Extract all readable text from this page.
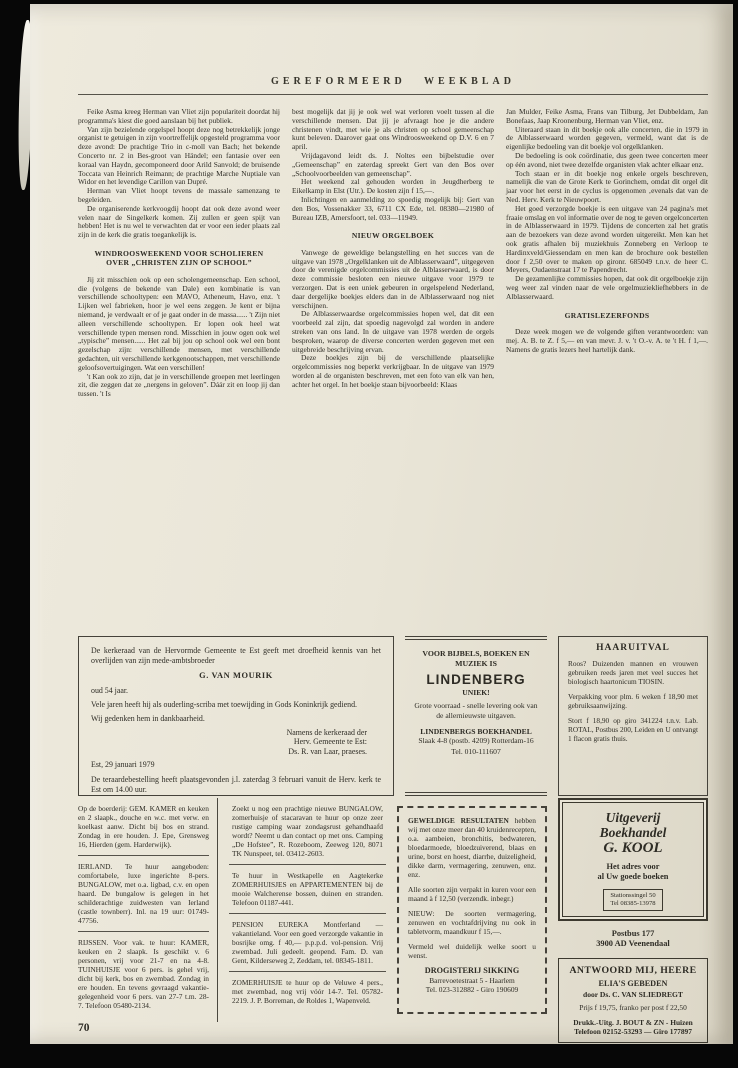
GEREFORMEERD WEEKBLAD

Feike Asma kreeg Herman van Vliet zijn populariteit doordat hij programma's kiest die goed aanslaan bij het publiek.

Van zijn bezielende orgelspel hoopt deze nog betrekkelijk jonge organist te getuigen in zijn voortreffelijk opgesteld programma voor deze avond: De prachtige Trio in c-moll van Bach; het bekende Concerto nr. 2 in Bes-groot van Händel; een fantasie over een koraal van Haydn, gecomponeerd door Arild Sanvold; de bruisende Toccata van Heinrich Reimann; de prachtige Marche Nuptiale van Widor en het levendige Carillon van Dupré.

Herman van Vliet hoopt tevens de massale samenzang te begeleiden.

De organiserende kerkvoogdij hoopt dat ook deze avond weer velen naar de Singelkerk komen. Zij zullen er geen spijt van hebben! Het is nu wel te verwachten dat er voor een ieder plaats zal zijn in de kerk die gratis toegankelijk is.

WINDROOSWEEKEND VOOR SCHOLIEREN OVER „CHRISTEN ZIJN OP SCHOOL”

Jij zit misschien ook op een scholengemeenschap. Een school, die (volgens de bekende van Dale) een kombinatie is van verschillende schooltypen: een MAVO, Atheneum, Havo, enz. 't Lijken wel fabrieken, hoor je wel eens zeggen. Je kent er bijna niemand, je verdwaalt er of je gaat onder in de massa...... 't Zijn niet alleen verschillende schooltypen. Er lopen ook heel wat verschillende typen mensen rond. Misschien in jouw ogen ook wel „typische” mensen...... Het zal bij jou op school ook wel een bont gezelschap zijn: verschillende mensen, met verschillende gedachten, uit verschillende kerkgenootschappen, met verschillende geloofsovertuigingen. Wat een verschillen!

't Kan ook zo zijn, dat je in verschillende groepen met leerlingen zit, die zeggen dat ze „nergens in geloven”. Dáár zit en loop jij dan tussen. 't Is

best mogelijk dat jij je ook wel wat verloren voelt tussen al die verschillende mensen. Dat jij je afvraagt hoe je die andere christenen vindt, met wie je als christen op school gemeenschap kunt beleven. Daarover gaat ons Windroosweekend op D.V. 6 en 7 april.

Vrijdagavond leidt ds. J. Noltes een bijbelstudie over „Gemeenschap” en zaterdag spreekt Gert van den Bos over „Schoolvoorbeelden van gemeenschap”.

Het weekend zal gehouden worden in Jeugdherberg te Eikelkamp in Elst (Utr.). De kosten zijn f 15,—.

Inlichtingen en aanmelding zo spoedig mogelijk bij: Gert van den Bos, Vossenakker 33, 6711 CX Ede, tel. 08380—21980 of Bureau IZB, Amersfoort, tel. 033—11949.

NIEUW ORGELBOEK

Vanwege de geweldige belangstelling en het succes van de uitgave van 1978 „Orgelklanken uit de Alblasserwaard”, uitgegeven door de verenigde orgelcommissies uit de Alblasserwaard, is door deze commissie besloten een nieuwe uitgave voor 1979 te verzorgen. Dat is een uniek gebeuren in orgelspelend Nederland, daar dergelijke boekjes elders dan in de Alblasserwaard nog niet verschijnen.

De Alblasserwaardse orgelcommissies hopen wel, dat dit een voorbeeld zal zijn, dat spoedig nagevolgd zal worden in andere streken van ons land. In de uitgave van 1978 werden de orgels besproken, waarop de diverse concerten werden gegeven met een uitgebreide beschrijving ervan.

Deze boekjes zijn bij de verschillende plaatselijke orgelcommissies nog beperkt verkrijgbaar. In de uitgave van 1979 worden al de organisten beschreven, met een foto van elk van hen, achter het orgel. In het boekje staan bijvoorbeeld: Klaas

Jan Mulder, Feike Asma, Frans van Tilburg, Jet Dubbeldam, Jan Bonefaas, Jaap Kroonenburg, Herman van Vliet, enz.

Uiteraard staan in dit boekje ook alle concerten, die in 1979 in de Alblasserwaard worden gegeven, vermeld, want dat is de eigenlijke bedoeling van dit boekje vol orgelklanken.

De bedoeling is ook coördinatie, dus geen twee concerten meer op één avond, niet twee dezelfde organisten vlak achter elkaar enz.

Toch staan er in dit boekje nog enkele orgels beschreven, namelijk die van de Grote Kerk te Gorinchem, omdat dit orgel dit jaar voor het eerst in de cyclus is opgenomen ‚evenals dat van de Ned. Herv. Kerk te Nieuwpoort.

Het goed verzorgde boekje is een uitgave van 24 pagina's met fraaie omslag en vol informatie over de nog te geven orgelconcerten in de Alblasserwaard in 1979. Tijdens de concerten zal het gratis aan de bezoekers van deze avond worden uitgereikt. Men kan het ook gratis afhalen bij muziekhuis Zonneberg en Verloop te Hardinxveld/Giessendam en men kan de brochure ook bestellen door f 2,50 over te maken op gironr. 685049 t.n.v. de heer C. Meyers, Oudaenstraat 17 te Papendrecht.

De gezamenlijke commissies hopen, dat ook dit orgelboekje zijn weg weer zal vinden naar de vele orgelmuziekliefhebbers in de Alblasserwaard.

GRATISLEZERFONDS

Deze week mogen we de volgende giften verantwoorden: van mej. A. B. te Z. f 5,— en van mevr. J. v. 't O.-v. A. te 't H. f 1,—. Namens de gratis lezers heel hartelijk dank.

De kerkeraad van de Hervormde Gemeente te Est geeft met droefheid kennis van het overlijden van zijn mede-ambtsbroeder

G. VAN MOURIK

oud 54 jaar.

Vele jaren heeft hij als ouderling-scriba met toewijding in Gods Koninkrijk gediend.

Wij gedenken hem in dankbaarheid.

Namens de kerkeraad der
Herv. Gemeente te Est:
Ds. R. van Laar, praeses.

Est, 29 januari 1979

De teraardebestelling heeft plaatsgevonden j.l. zaterdag 3 februari vanuit de Herv. kerk te Est om 14.00 uur.

VOOR BIJBELS, BOEKEN EN MUZIEK IS
LINDENBERG
UNIEK!
Grote voorraad - snelle levering ook van de allernieuwste uitgaven.
LINDENBERGS BOEKHANDEL
Slaak 4-8 (postb. 4209) Rotterdam-16
Tel. 010-111607
HAARUITVAL

Roos? Duizenden mannen en vrouwen gebruiken reeds jaren met veel succes het biologisch haartonicum TIOSIN.

Verpakking voor plm. 6 weken f 18,90 met gebruiksaanwijzing.

Stort f 18,90 op giro 341224 t.n.v. Lab. ROTAL, Postbus 200, Leiden en U ontvangt 1 flacon gratis thuis.

Op de boerderij: GEM. KAMER en keuken en 2 slaapk., douche en w.c. met verw. en koelkast aanw. Dicht bij bos en strand. Zondag in ere houden. J. Epe, Grensweg 16, Hierden (gem. Harderwijk).
IERLAND. Te huur aangeboden: comfortabele, luxe ingerichte 8-pers. BUNGALOW, met o.a. ligbad, c.v. en open haard. De bungalow is gelegen in het schilderachtige zuidwesten van Ierland (castle townberr). Inl. na 19 uur: 01749-47756.
RIJSSEN. Voor vak. te huur: KAMER, keuken en 2 slaapk. Is geschikt v. 6 personen, vrij voor 21-7 en na 4-8. TUINHUISJE voor 6 pers. is gehel vrij, dicht bij kerk, bos en zwembad. Zondag in ere houden. En tevens gevraagd vakantie-gelegenheid voor 6 pers. van 27-7 t.m. 28-7. Telefoon 05480-2134.
Zoekt u nog een prachtige nieuwe BUNGALOW, zomerhuisje of stacaravan te huur op onze zeer rustige camping waar zondagsrust gehandhaafd wordt? Neemt u dan contact op met ons. Camping „De Hofstee”, R. Rozeboom, Zeeweg 120, 8071 TK Nunspeet, tel. 03412-2603.
Te huur in Westkapelle en Aagtekerke ZOMERHUISJES en APPARTEMENTEN bij de mooie Walcherense bossen, duinen en stranden. Telefoon 01187-441.
PENSION EUREKA Montferland — vakantieland. Voor een goed verzorgde vakantie in bosrijke omg. f 40,— p.p.p.d. vol-pension. Vrij zwembad. Juli gedeelt. geopend. Fam. D. van Gent, Kilderseweg 2, Zeddam, tel. 08345-1811.
ZOMERHUISJE te huur op de Veluwe 4 pers., met zwembad, nog vrij vóór 14-7. Tel. 05782-2219. J. P. Borreman, de Roldes 1, Wapenveld.

GEWELDIGE RESULTATEN hebben wij met onze meer dan 40 kruidenrecepten, o.a. aambeien, bronchitis, bedwateren, bloedarmoede, bloedzuiverend, blaas en urine, borst en hoest, diarrhe, duizeligheid, dikke darm, vermagering, zenuwen, enz. enz.

Alle soorten zijn verpakt in kuren voor een maand à f 12,50 (verzendk. inbegr.)

NIEUW: De soorten vermagering, zenuwen en vochtafdrijving nu ook in tabletvorm, maandkuur f 15,—.

Vermeld wel duidelijk welke soort u wenst.

DROGISTERIJ SIKKING
Barrevoetestraat 5 - Haarlem
Tel. 023-312882 - Giro 190609
Uitgeverij
Boekhandel
G. KOOL
Het adres voor
al Uw goede boeken
Stationssingel 50
Tel 08385-13978
Postbus 177
3900 AD Veenendaal
ANTWOORD MIJ, HEERE
ELIA'S GEBEDEN
door Ds. C. VAN SLIEDREGT
Prijs f 19,75, franko per post f 22,50
Drukk.-Uitg. J. BOUT & ZN - Huizen
Telefoon 02152-53293 — Giro 177897
70
